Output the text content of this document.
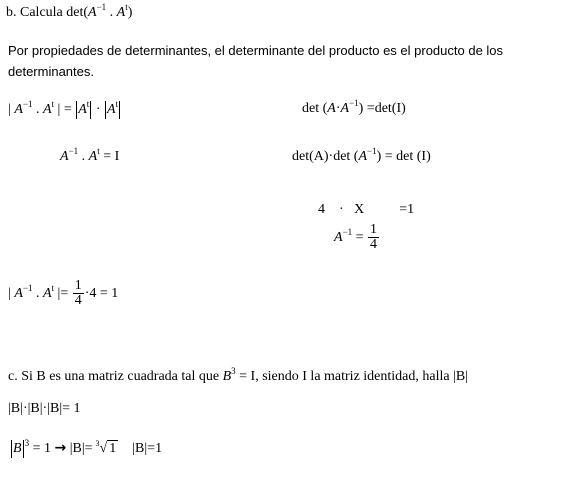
b. Calcula $\det(A^{-1}$ . $A^t$)
Por propiedades de determinantes, el determinante del producto es el producto de los determinantes.
| $A^{-1}$ . $A^t$ | = $A^t \cdot A^t$	$\det (A\cdot A^{-1}) =\det(I)$
$A^{-1}$ . $A^t = I$	det(A)·det $(A^{-1}) = \det (I)$

4    ·   X          =1

$A^{-1} = \frac{1}{4}$
| $A^{-1}$ . $A^t$ |= $\frac{1}{4} \cdot 4 = 1$
c. Si B es una matriz cuadrada tal que $B^3 = I$, siendo I la matriz identidad, halla |B|
|B|·|B|·|B|= 1
B $^3$ = 1 → |B|= $^3$√ 1    |B|=1
